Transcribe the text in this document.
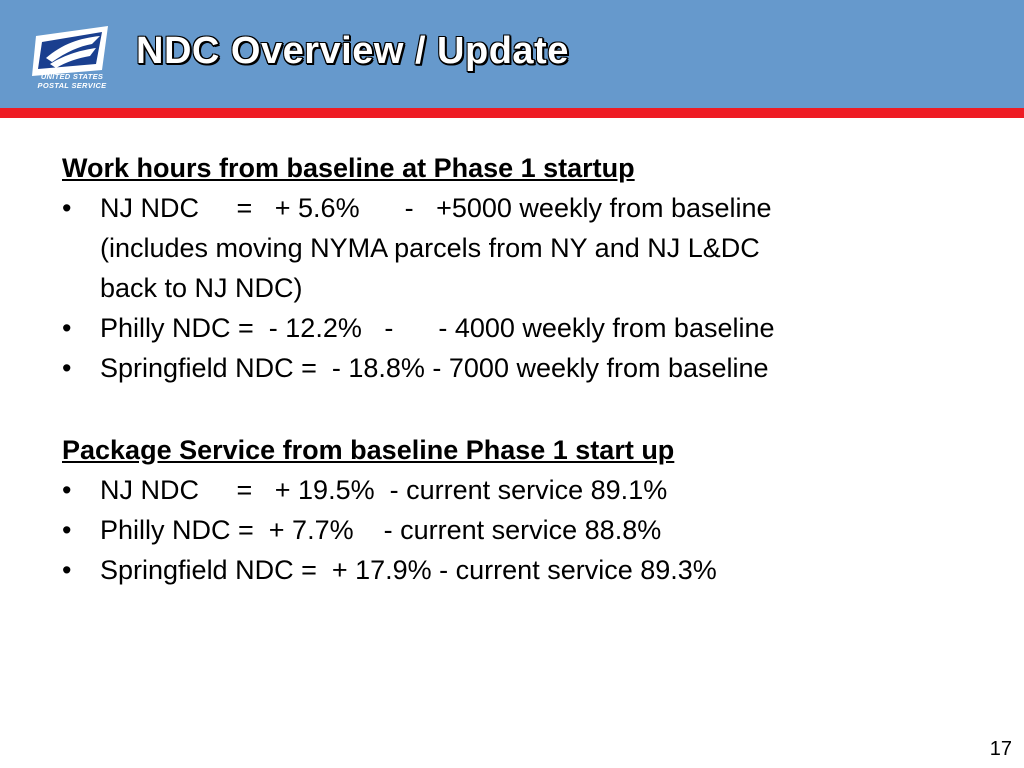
UNITED STATES
POSTAL SERVICE
NDC Overview / Update
Work hours from baseline at Phase 1 startup
• NJ NDC     =   + 5.6%      -   +5000 weekly from baseline
(includes moving NYMA parcels from NY and NJ L&DC
back to NJ NDC)
• Philly NDC =  - 12.2%   -      - 4000 weekly from baseline
• Springfield NDC =  - 18.8% - 7000 weekly from baseline
Package Service from baseline Phase 1 start up
• NJ NDC     =   + 19.5%  - current service 89.1%
• Philly NDC =  + 7.7%    - current service 88.8%
• Springfield NDC =  + 17.9% - current service 89.3%
17
